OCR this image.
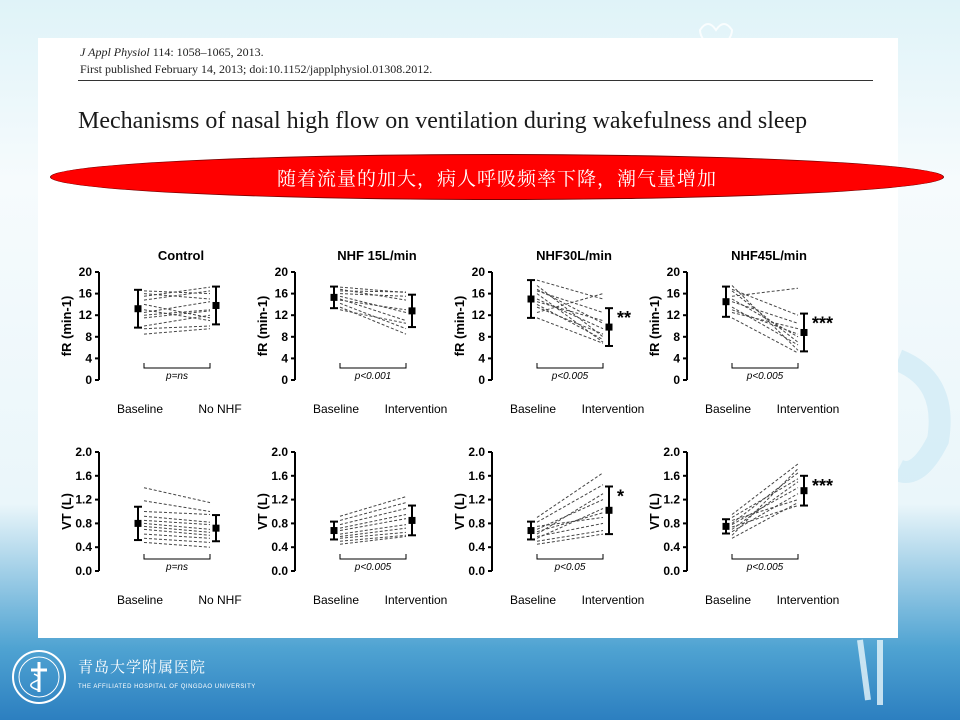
J Appl Physiol 114: 1058–1065, 2013.
First published February 14, 2013; doi:10.1152/japplphysiol.01308.2012.
Mechanisms of nasal high flow on ventilation during wakefulness and sleep
随着流量的加大，病人呼吸频率下降，潮气量增加
Control
fR (min-1)
0
4
8
12
16
20
p=ns
Baseline	No NHF
NHF 15L/min
fR (min-1)
0
4
8
12
16
20
p<0.001
Baseline Intervention
NHF30L/min
fR (min-1)
0
4
8
12
16
20
**
p<0.005
Baseline Intervention
NHF45L/min
fR (min-1)
0
4
8
12
16
20
***
p<0.005
Baseline Intervention
VT (L)
0.0
0.4
0.8
1.2
1.6
2.0
p=ns
Baseline	No NHF
VT (L)
0.0
0.4
0.8
1.2
1.6
2.0
p<0.005
Baseline Intervention
VT (L)
0.0
0.4
0.8
1.2
1.6
2.0
*
p<0.05
Baseline Intervention
VT (L)
0.0
0.4
0.8
1.2
1.6
2.0
***
p<0.005
Baseline Intervention
青岛大学附属医院
THE AFFILIATED HOSPITAL OF QINGDAO UNIVERSITY
